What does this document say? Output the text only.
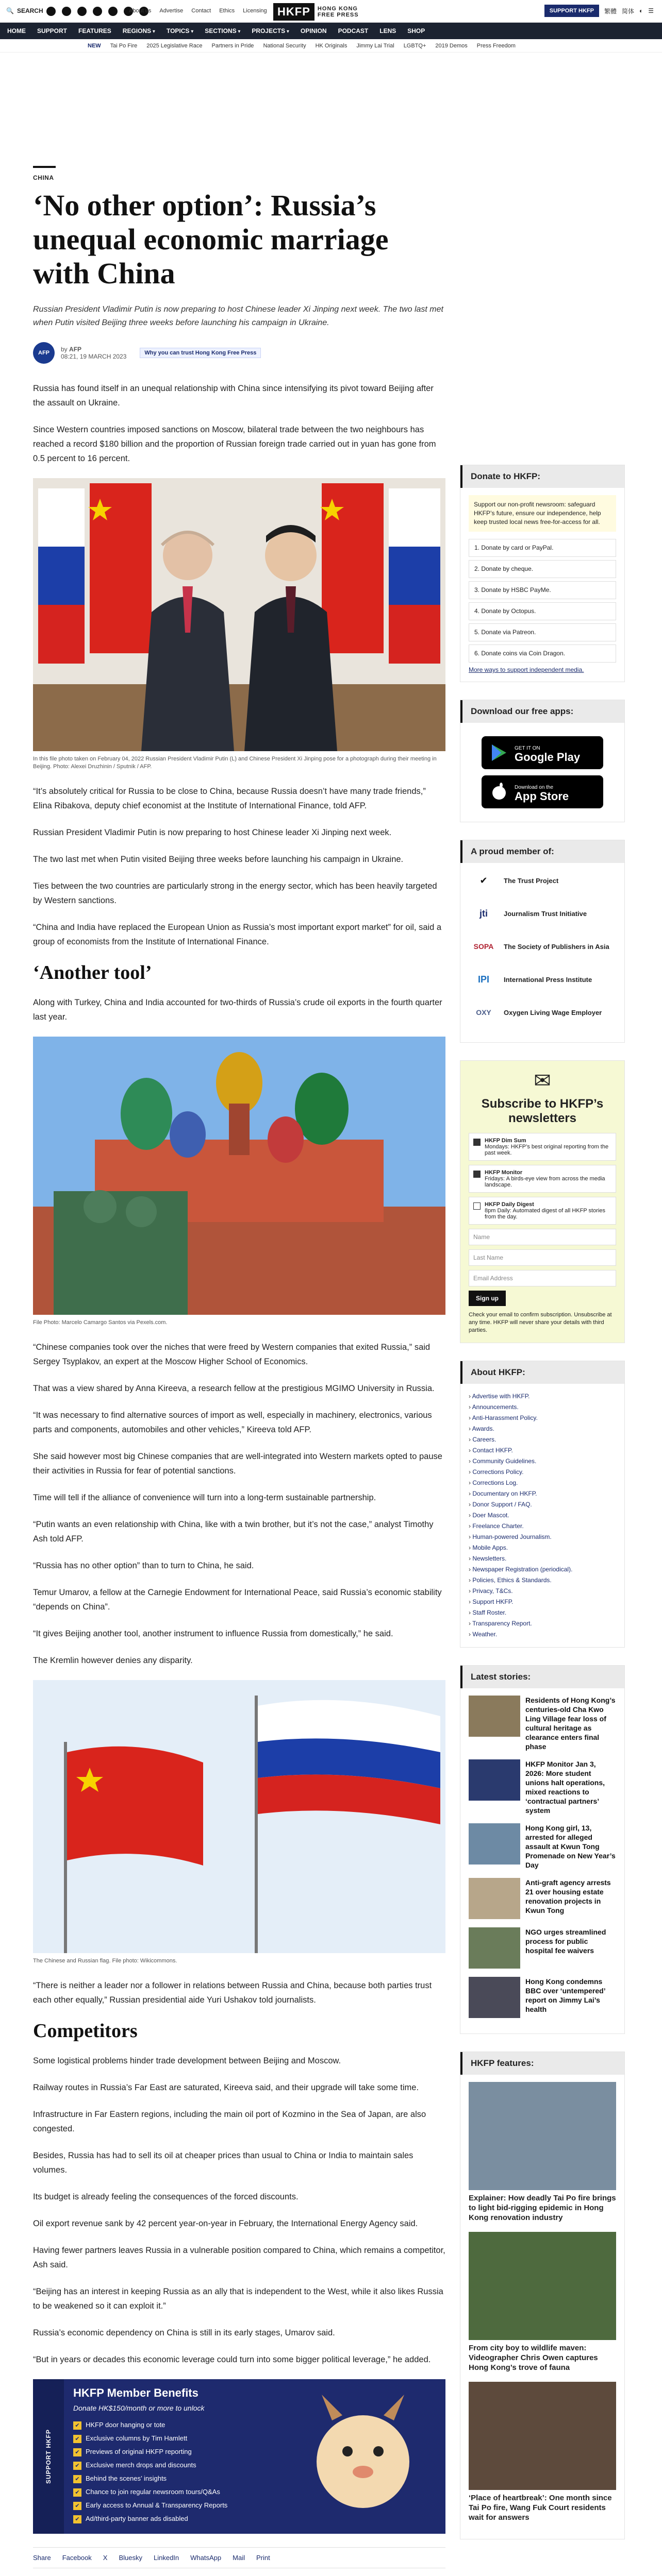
🔍 SEARCH	About us Advertise Contact Ethics Licensing HKFP	HONG KONG
FREE PRESS
SUPPORT HKFP	繁體 简体 ◐ ☰
HOME SUPPORT FEATURES REGIONS ▾	TOPICS ▾	SECTIONS ▾	PROJECTS ▾	OPINION PODCAST LENS SHOP
NEW Tai Po Fire 2025 Legislative Race Partners in Pride National Security HK Originals Jimmy Lai Trial LGBTQ+ 2019 Demos Press Freedom
CHINA
‘No other option’: Russia’s unequal economic marriage with China
Russian President Vladimir Putin is now preparing to host Chinese leader Xi Jinping next week. The two last met when Putin visited Beijing three weeks before launching his campaign in Ukraine.
AFP	by AFP
08:21, 19 MARCH 2023	Why you can trust Hong Kong Free Press

Russia has found itself in an unequal relationship with China since intensifying its pivot toward Beijing after the assault on Ukraine.

Since Western countries imposed sanctions on Moscow, bilateral trade between the two neighbours has reached a record $180 billion and the proportion of Russian foreign trade carried out in yuan has gone from 0.5 percent to 16 percent.

In this file photo taken on February 04, 2022 Russian President Vladimir Putin (L) and Chinese President Xi Jinping pose for a photograph during their meeting in Beijing. Photo: Alexei Druzhinin / Sputnik / AFP.

“It’s absolutely critical for Russia to be close to China, because Russia doesn’t have many trade friends,” Elina Ribakova, deputy chief economist at the Institute of International Finance, told AFP.

Russian President Vladimir Putin is now preparing to host Chinese leader Xi Jinping next week.

The two last met when Putin visited Beijing three weeks before launching his campaign in Ukraine.

Ties between the two countries are particularly strong in the energy sector, which has been heavily targeted by Western sanctions.

“China and India have replaced the European Union as Russia’s most important export market” for oil, said a group of economists from the Institute of International Finance.

‘Another tool’

Along with Turkey, China and India accounted for two-thirds of Russia’s crude oil exports in the fourth quarter last year.

File Photo: Marcelo Camargo Santos via Pexels.com.

“Chinese companies took over the niches that were freed by Western companies that exited Russia,” said Sergey Tsyplakov, an expert at the Moscow Higher School of Economics.

That was a view shared by Anna Kireeva, a research fellow at the prestigious MGIMO University in Russia.

“It was necessary to find alternative sources of import as well, especially in machinery, electronics, various parts and components, automobiles and other vehicles,” Kireeva told AFP.

She said however most big Chinese companies that are well-integrated into Western markets opted to pause their activities in Russia for fear of potential sanctions.

Time will tell if the alliance of convenience will turn into a long-term sustainable partnership.

“Putin wants an even relationship with China, like with a twin brother, but it’s not the case,” analyst Timothy Ash told AFP.

“Russia has no other option” than to turn to China, he said.

Temur Umarov, a fellow at the Carnegie Endowment for International Peace, said Russia’s economic stability “depends on China”.

“It gives Beijing another tool, another instrument to influence Russia from domestically,” he said.

The Kremlin however denies any disparity.

The Chinese and Russian flag. File photo: Wikicommons.

“There is neither a leader nor a follower in relations between Russia and China, because both parties trust each other equally,” Russian presidential aide Yuri Ushakov told journalists.

Competitors

Some logistical problems hinder trade development between Beijing and Moscow.

Railway routes in Russia’s Far East are saturated, Kireeva said, and their upgrade will take some time.

Infrastructure in Far Eastern regions, including the main oil port of Kozmino in the Sea of Japan, are also congested.

Besides, Russia has had to sell its oil at cheaper prices than usual to China or India to maintain sales volumes.

Its budget is already feeling the consequences of the forced discounts.

Oil export revenue sank by 42 percent year-on-year in February, the International Energy Agency said.

Having fewer partners leaves Russia in a vulnerable position compared to China, which remains a competitor, Ash said.

“Beijing has an interest in keeping Russia as an ally that is independent to the West, while it also likes Russia to be weakened so it can exploit it.”

Russia’s economic dependency on China is still in its early stages, Umarov said.

“But in years or decades this economic leverage could turn into some bigger political leverage,” he added.

SUPPORT HKFP
HKFP Member Benefits
Donate HK$150/month or more to unlock
✔ HKFP door hanging or tote
✔ Exclusive columns by Tim Hamlett
✔ Previews of original HKFP reporting
✔ Exclusive merch drops and discounts
✔ Behind the scenes’ insights
✔ Chance to join regular newsroom tours/Q&As
✔ Early access to Annual & Transparency Reports
✔ Ad/third-party banner ads disabled
Share Facebook X Bluesky LinkedIn WhatsApp Mail Print
Donate to HKFP:
Support our non-profit newsroom: safeguard HKFP’s future, ensure our independence, help keep trusted local news free-for-access for all.
1. Donate by card or PayPal.
2. Donate by cheque.
3. Donate by HSBC PayMe.
4. Donate by Octopus.
5. Donate via Patreon.
6. Donate coins via Coin Dragon.
More ways to support independent media.
Download our free apps:
GET IT ON
Google Play
Download on the
App Store
A proud member of:
✔	The Trust Project
jti	Journalism Trust Initiative
SOPA	The Society of Publishers in Asia
IPI	International Press Institute
OXY	Oxygen Living Wage Employer
✉
Subscribe to HKFP’s newsletters
HKFP Dim Sum
Mondays: HKFP’s best original reporting from the past week.
HKFP Monitor
Fridays: A birds-eye view from across the media landscape.
HKFP Daily Digest
8pm Daily: Automated digest of all HKFP stories from the day.
Name
Last Name
Email Address
Sign up
Check your email to confirm subscription. Unsubscribe at any time. HKFP will never share your details with third parties.
About HKFP:
› Advertise with HKFP.
› Announcements.
› Anti-Harassment Policy.
› Awards.
› Careers.
› Contact HKFP.
› Community Guidelines.
› Corrections Policy.
› Corrections Log.
› Documentary on HKFP.
› Donor Support / FAQ.
› Doer Mascot.
› Freelance Charter.
› Human-powered Journalism.
› Mobile Apps.
› Newsletters.
› Newspaper Registration (periodical).
› Policies, Ethics & Standards.
› Privacy, T&Cs.
› Support HKFP.
› Staff Roster.
› Transparency Report.
› Weather.
Latest stories:
Residents of Hong Kong’s centuries-old Cha Kwo Ling Village fear loss of cultural heritage as clearance enters final phase
HKFP Monitor Jan 3, 2026: More student unions halt operations, mixed reactions to ‘contractual partners’ system
Hong Kong girl, 13, arrested for alleged assault at Kwun Tong Promenade on New Year’s Day
Anti-graft agency arrests 21 over housing estate renovation projects in Kwun Tong
NGO urges streamlined process for public hospital fee waivers
Hong Kong condemns BBC over ‘untempered’ report on Jimmy Lai’s health
HKFP features:
Explainer: How deadly Tai Po fire brings to light bid-rigging epidemic in Hong Kong renovation industry
From city boy to wildlife maven: Videographer Chris Owen captures Hong Kong’s trove of fauna
‘Place of heartbreak’: One month since Tai Po fire, Wang Fuk Court residents wait for answers
